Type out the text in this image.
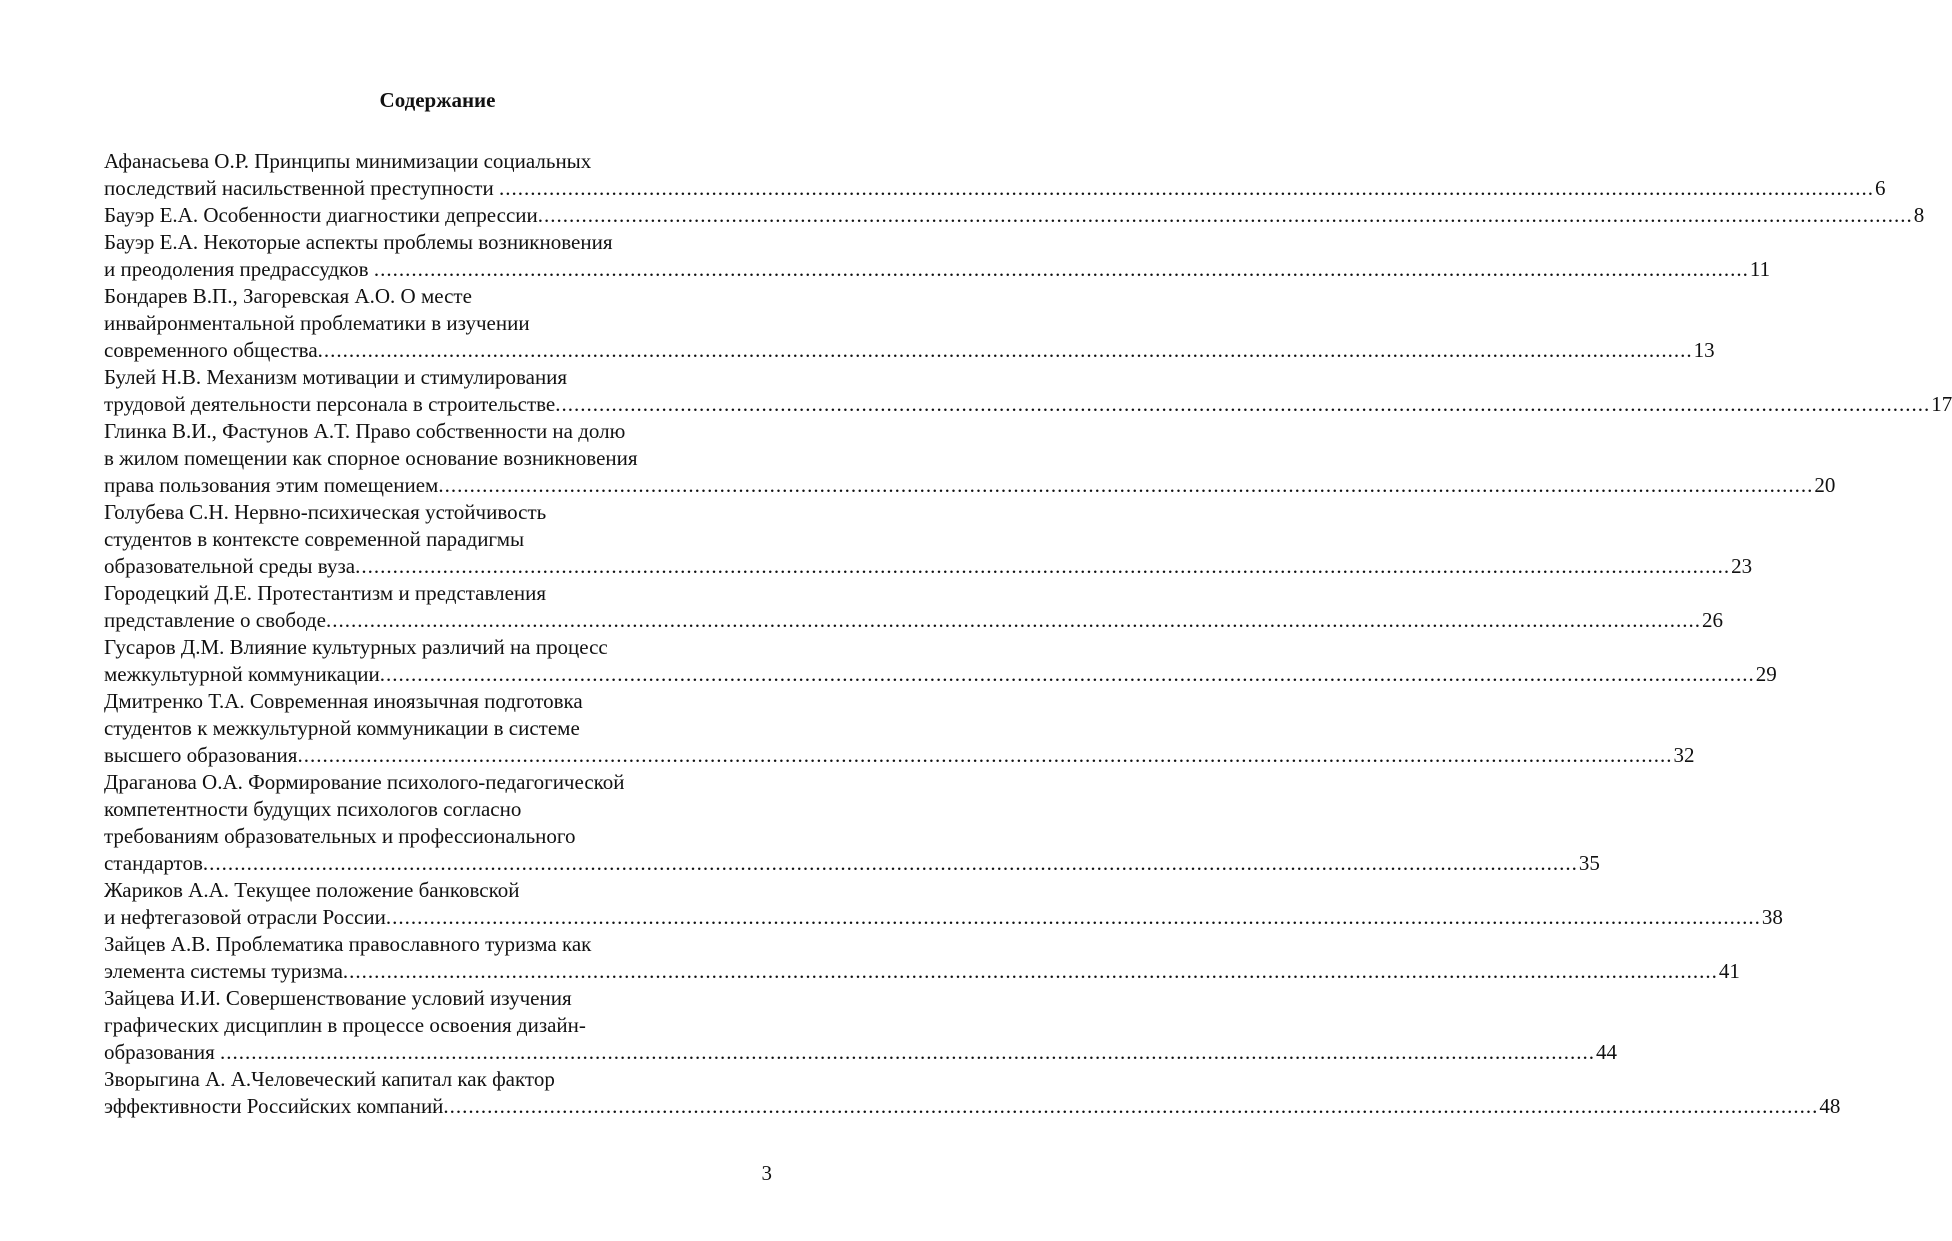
Содержание
Афанасьева О.Р. Принципы минимизации социальных
последствий насильственной преступности ............................................................................................................................................................................................................................ 6
Бауэр Е.А. Особенности диагностики депрессии ............................................................................................................................................................................................................................ 8
Бауэр Е.А. Некоторые аспекты проблемы возникновения
и преодоления предрассудков ............................................................................................................................................................................................................................ 11
Бондарев В.П., Загоревская А.О. О месте
инвайронментальной проблематики в изучении
современного общества ............................................................................................................................................................................................................................ 13
Булей Н.В. Механизм мотивации и стимулирования
трудовой деятельности персонала в строительстве ............................................................................................................................................................................................................................ 17
Глинка В.И., Фастунов А.Т. Право собственности на долю
в жилом помещении как спорное основание возникновения
права пользования этим помещением ............................................................................................................................................................................................................................ 20
Голубева С.Н. Нервно-психическая устойчивость
студентов в контексте современной парадигмы
образовательной среды вуза ............................................................................................................................................................................................................................ 23
Городецкий Д.Е. Протестантизм и представления
представление о свободе ............................................................................................................................................................................................................................ 26
Гусаров Д.М. Влияние культурных различий на процесс
межкультурной коммуникации ............................................................................................................................................................................................................................ 29
Дмитренко Т.А. Современная иноязычная подготовка
студентов к межкультурной коммуникации в системе
высшего образования ............................................................................................................................................................................................................................ 32
Драганова О.А. Формирование психолого-педагогической
компетентности будущих психологов согласно
требованиям образовательных и профессионального
стандартов ............................................................................................................................................................................................................................ 35
Жариков А.А. Текущее положение банковской
и нефтегазовой отрасли России ............................................................................................................................................................................................................................ 38
Зайцев А.В. Проблематика православного туризма как
элемента системы туризма ............................................................................................................................................................................................................................ 41
Зайцева И.И. Совершенствование условий изучения
графических дисциплин в процессе освоения дизайн-
образования ............................................................................................................................................................................................................................ 44
Зворыгина А. А.Человеческий капитал как фактор
эффективности Российских компаний ............................................................................................................................................................................................................................ 48
3
